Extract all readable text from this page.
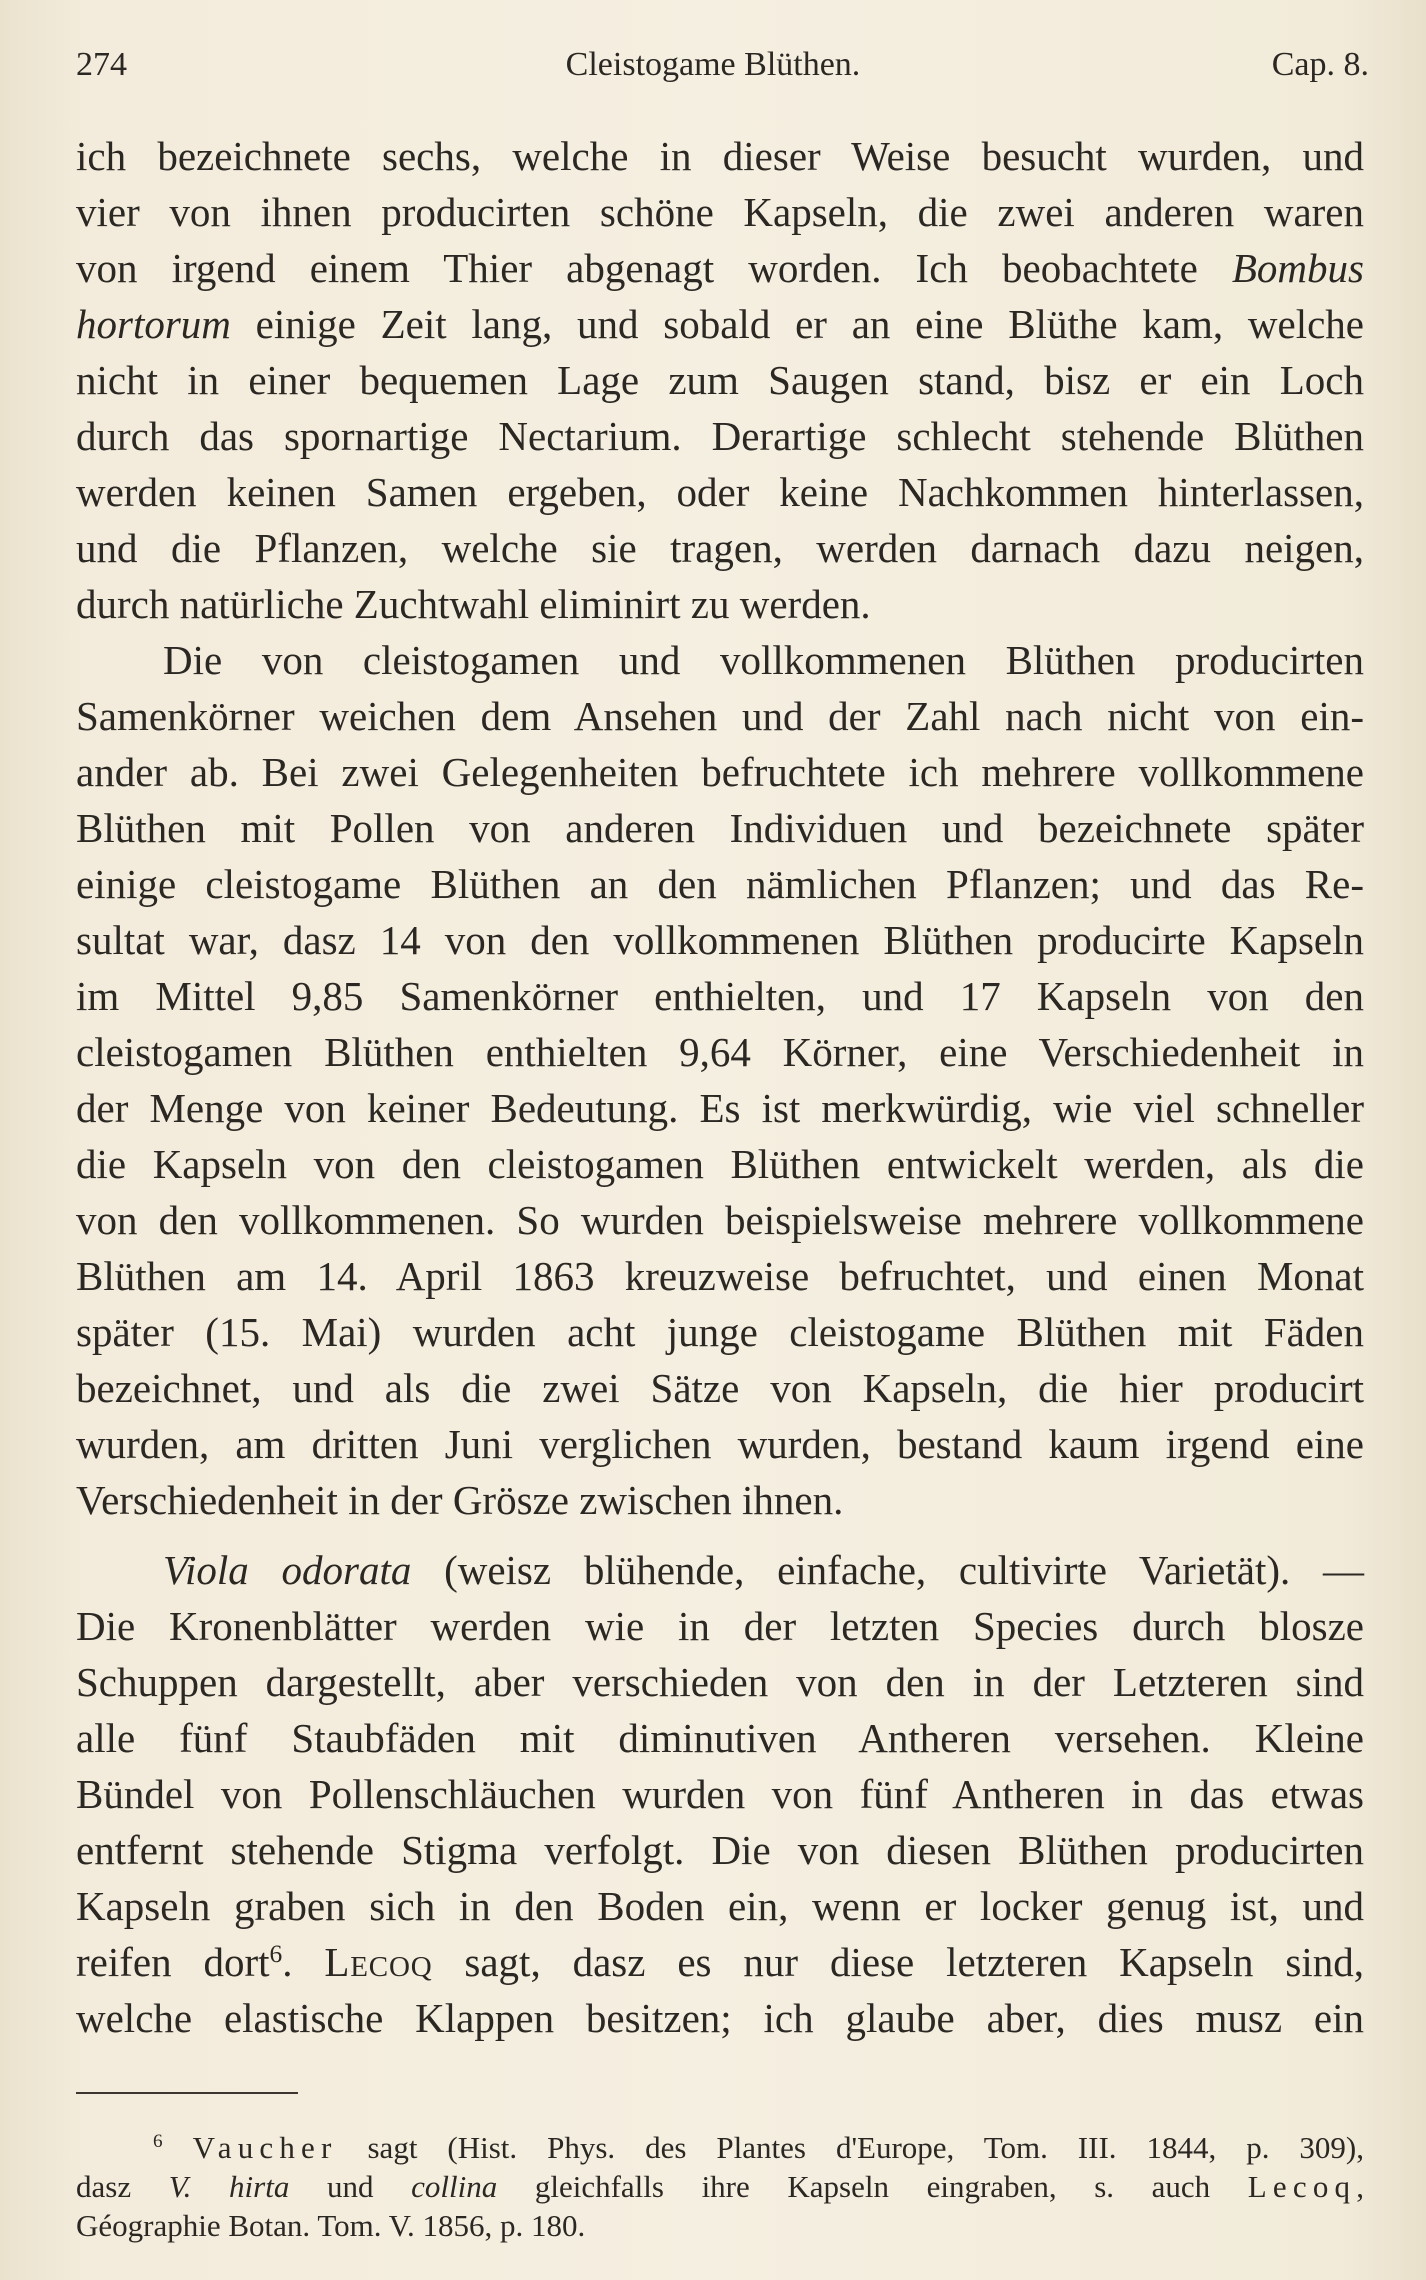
274	Cleistogame Blüthen.	Cap. 8.
ich bezeichnete sechs, welche in dieser Weise besucht wurden, und
vier von ihnen producirten schöne Kapseln, die zwei anderen waren
von irgend einem Thier abgenagt worden. Ich beobachtete Bombus
hortorum einige Zeit lang, und sobald er an eine Blüthe kam, welche
nicht in einer bequemen Lage zum Saugen stand, bisz er ein Loch
durch das spornartige Nectarium. Derartige schlecht stehende Blüthen
werden keinen Samen ergeben, oder keine Nachkommen hinterlassen,
und die Pflanzen, welche sie tragen, werden darnach dazu neigen,
durch natürliche Zuchtwahl eliminirt zu werden.
Die von cleistogamen und vollkommenen Blüthen producirten
Samenkörner weichen dem Ansehen und der Zahl nach nicht von ein-
ander ab. Bei zwei Gelegenheiten befruchtete ich mehrere vollkommene
Blüthen mit Pollen von anderen Individuen und bezeichnete später
einige cleistogame Blüthen an den nämlichen Pflanzen; und das Re-
sultat war, dasz 14 von den vollkommenen Blüthen producirte Kapseln
im Mittel 9,85 Samenkörner enthielten, und 17 Kapseln von den
cleistogamen Blüthen enthielten 9,64 Körner, eine Verschiedenheit in
der Menge von keiner Bedeutung. Es ist merkwürdig, wie viel schneller
die Kapseln von den cleistogamen Blüthen entwickelt werden, als die
von den vollkommenen. So wurden beispielsweise mehrere vollkommene
Blüthen am 14. April 1863 kreuzweise befruchtet, und einen Monat
später (15. Mai) wurden acht junge cleistogame Blüthen mit Fäden
bezeichnet, und als die zwei Sätze von Kapseln, die hier producirt
wurden, am dritten Juni verglichen wurden, bestand kaum irgend eine
Verschiedenheit in der Grösze zwischen ihnen.
Viola odorata (weisz blühende, einfache, cultivirte Varietät). —
Die Kronenblätter werden wie in der letzten Species durch blosze
Schuppen dargestellt, aber verschieden von den in der Letzteren sind
alle fünf Staubfäden mit diminutiven Antheren versehen. Kleine
Bündel von Pollenschläuchen wurden von fünf Antheren in das etwas
entfernt stehende Stigma verfolgt. Die von diesen Blüthen producirten
Kapseln graben sich in den Boden ein, wenn er locker genug ist, und
reifen dort$^6$. Lecoq sagt, dasz es nur diese letzteren Kapseln sind,
welche elastische Klappen besitzen; ich glaube aber, dies musz ein
$^6$ Vaucher sagt (Hist. Phys. des Plantes d'Europe, Tom. III. 1844, p. 309),
dasz V. hirta und collina gleichfalls ihre Kapseln eingraben, s. auch Lecoq,
Géographie Botan. Tom. V. 1856, p. 180.
